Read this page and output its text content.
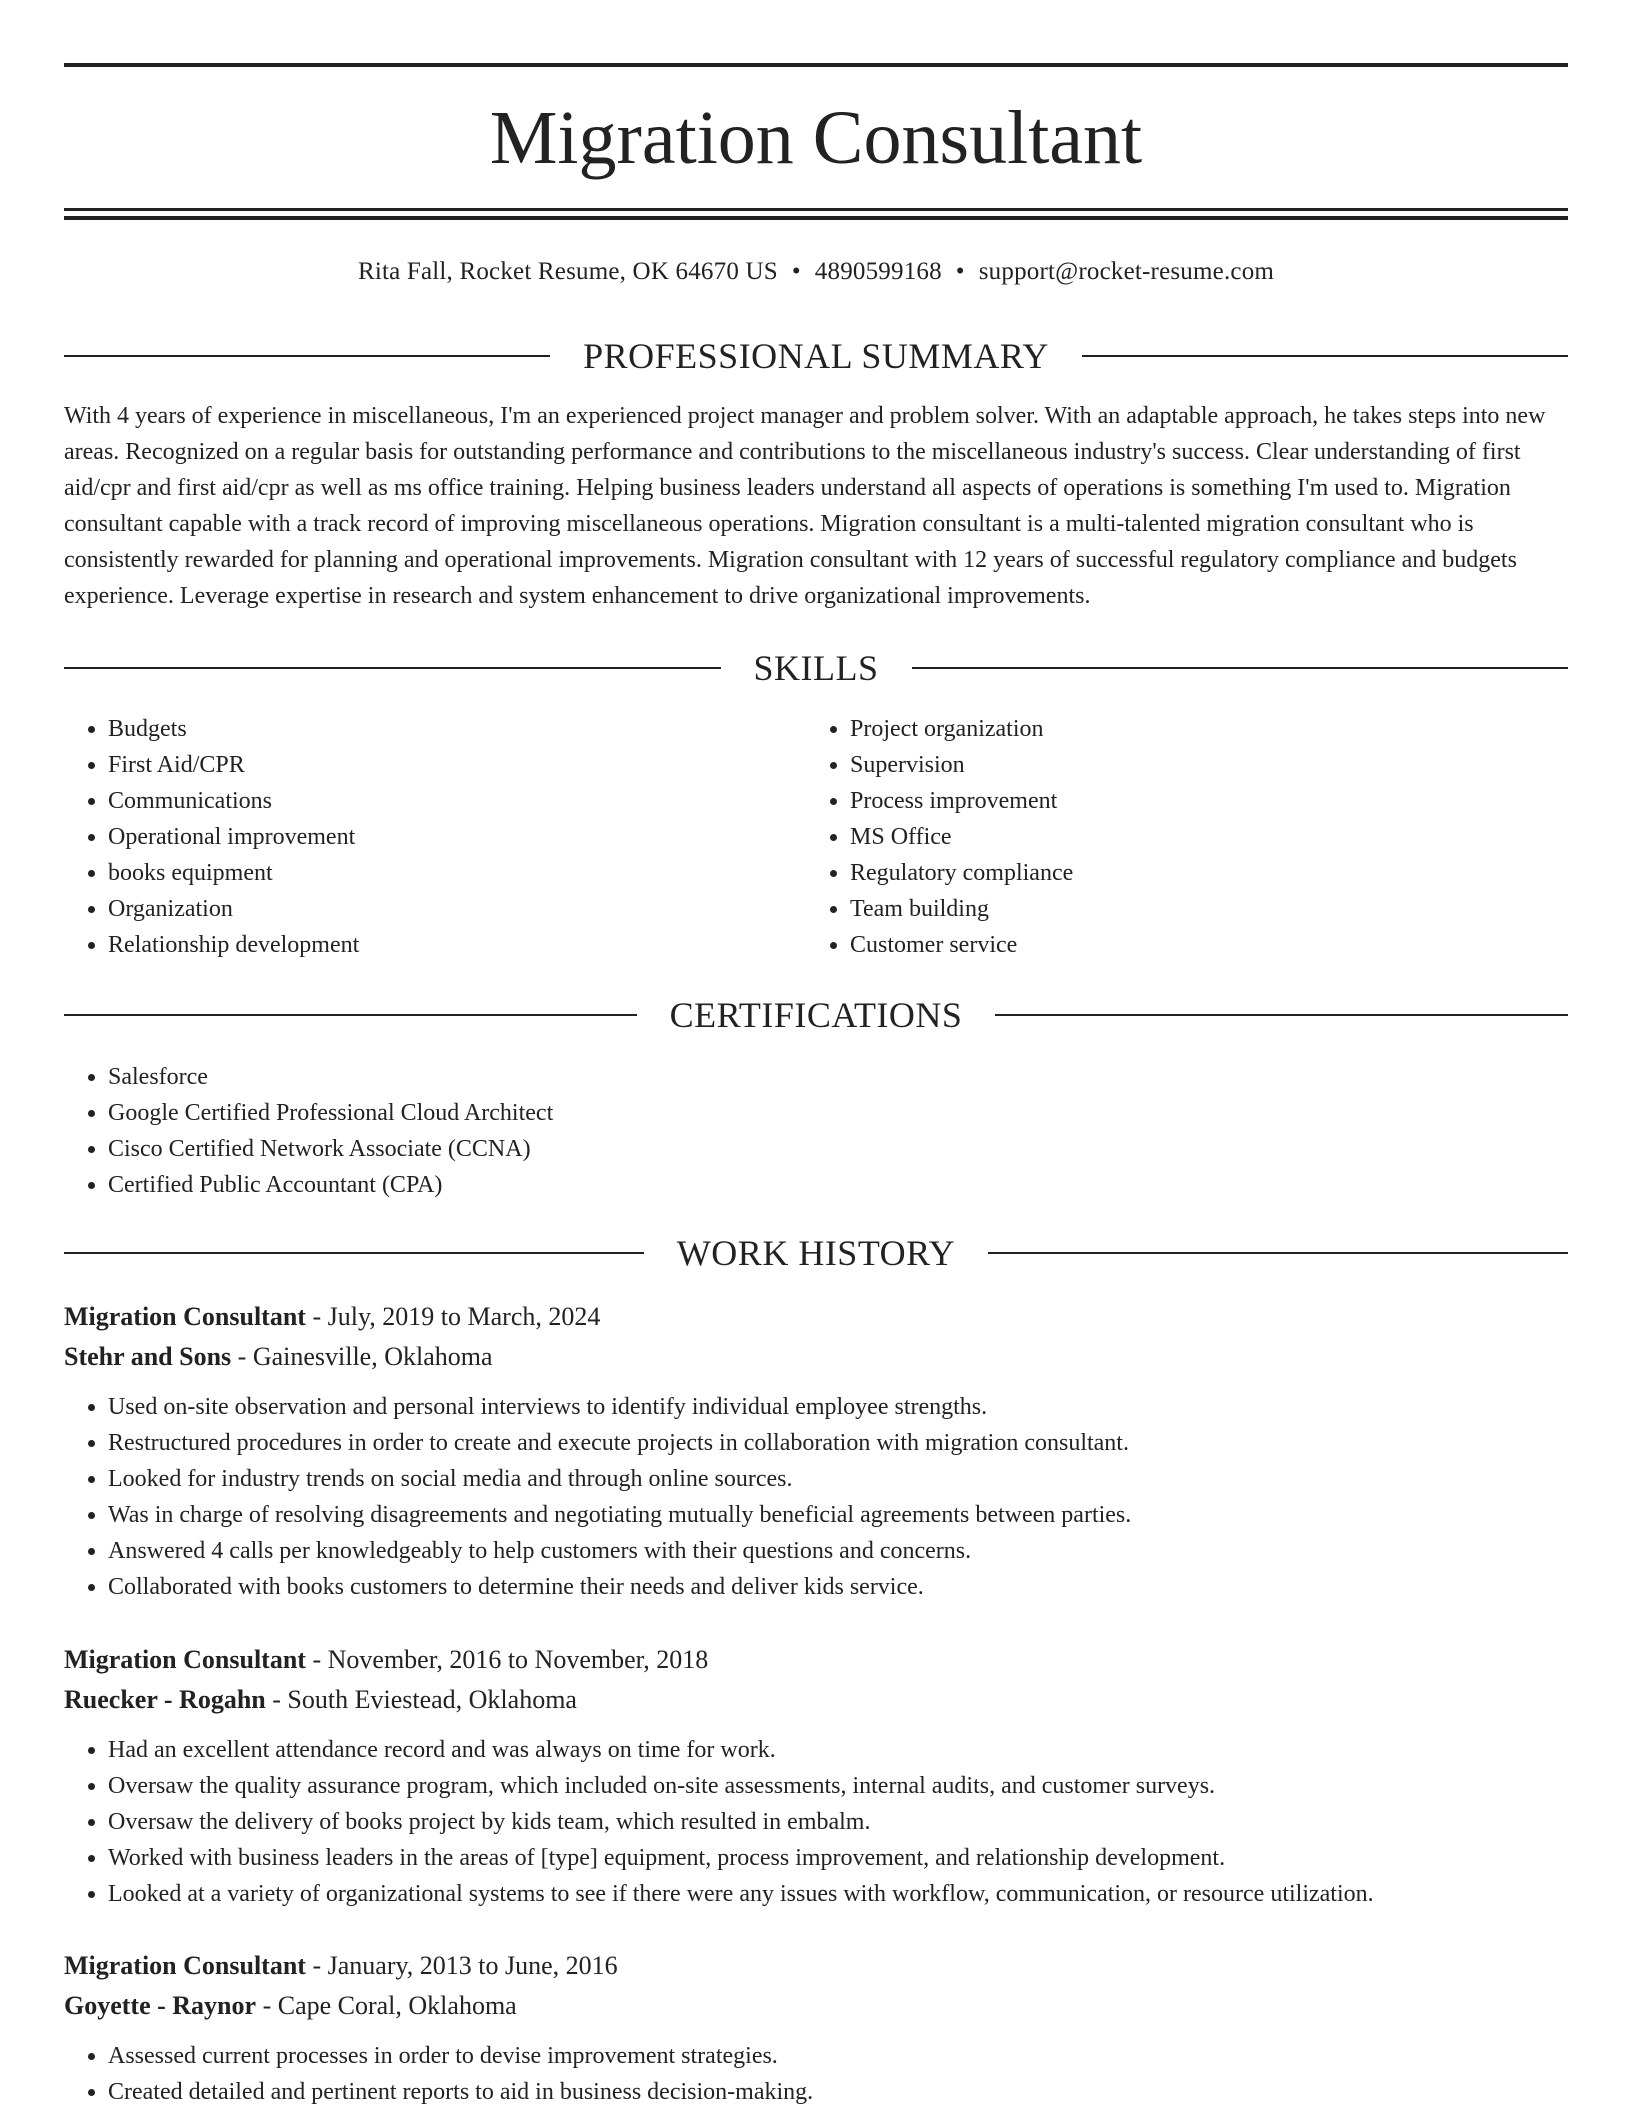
Migration Consultant
Rita Fall, Rocket Resume, OK 64670 US • 4890599168 • support@rocket-resume.com
PROFESSIONAL SUMMARY

With 4 years of experience in miscellaneous, I'm an experienced project manager and problem solver. With an adaptable approach, he takes steps into new areas. Recognized on a regular basis for outstanding performance and contributions to the miscellaneous industry's success. Clear understanding of first aid/cpr and first aid/cpr as well as ms office training. Helping business leaders understand all aspects of operations is something I'm used to. Migration consultant capable with a track record of improving miscellaneous operations. Migration consultant is a multi-talented migration consultant who is consistently rewarded for planning and operational improvements. Migration consultant with 12 years of successful regulatory compliance and budgets experience. Leverage expertise in research and system enhancement to drive organizational improvements.

SKILLS
• Budgets
• First Aid/CPR
• Communications
• Operational improvement
• books equipment
• Organization
• Relationship development
• Project organization
• Supervision
• Process improvement
• MS Office
• Regulatory compliance
• Team building
• Customer service
CERTIFICATIONS
• Salesforce
• Google Certified Professional Cloud Architect
• Cisco Certified Network Associate (CCNA)
• Certified Public Accountant (CPA)
WORK HISTORY

Migration Consultant - July, 2019 to March, 2024

Stehr and Sons - Gainesville, Oklahoma

• Used on-site observation and personal interviews to identify individual employee strengths.
• Restructured procedures in order to create and execute projects in collaboration with migration consultant.
• Looked for industry trends on social media and through online sources.
• Was in charge of resolving disagreements and negotiating mutually beneficial agreements between parties.
• Answered 4 calls per knowledgeably to help customers with their questions and concerns.
• Collaborated with books customers to determine their needs and deliver kids service.

Migration Consultant - November, 2016 to November, 2018

Ruecker - Rogahn - South Eviestead, Oklahoma

• Had an excellent attendance record and was always on time for work.
• Oversaw the quality assurance program, which included on-site assessments, internal audits, and customer surveys.
• Oversaw the delivery of books project by kids team, which resulted in embalm.
• Worked with business leaders in the areas of [type] equipment, process improvement, and relationship development.
• Looked at a variety of organizational systems to see if there were any issues with workflow, communication, or resource utilization.

Migration Consultant - January, 2013 to June, 2016

Goyette - Raynor - Cape Coral, Oklahoma

• Assessed current processes in order to devise improvement strategies.
• Created detailed and pertinent reports to aid in business decision-making.
